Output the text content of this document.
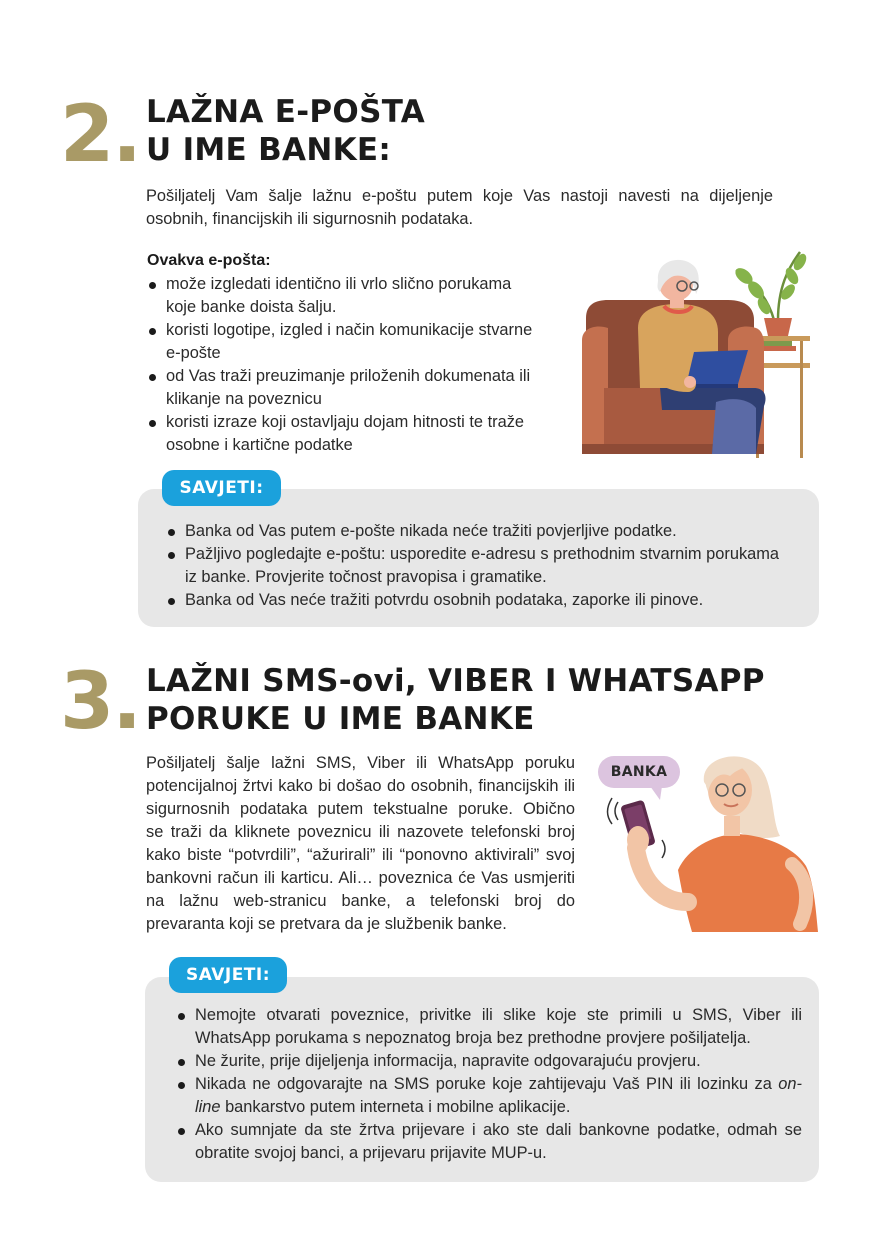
2. LAŽNA E-POŠTA
U IME BANKE:
Pošiljatelj Vam šalje lažnu e-poštu putem koje Vas nastoji navesti na dijeljenje
osobnih, financijskih ili sigurnosnih podataka.
Ovakva e-pošta:
može izgledati identično ili vrlo slično porukama
koje banke doista šalju.
koristi logotipe, izgled i način komunikacije stvarne
e-pošte
od Vas traži preuzimanje priloženih dokumenata ili
klikanje na poveznicu
koristi izraze koji ostavljaju dojam hitnosti te traže
osobne i kartične podatke
SAVJETI:
Banka od Vas putem e-pošte nikada neće tražiti povjerljive podatke.
Pažljivo pogledajte e-poštu: usporedite e-adresu s prethodnim stvarnim porukama
iz banke. Provjerite točnost pravopisa i gramatike.
Banka od Vas neće tražiti potvrdu osobnih podataka, zaporke ili pinove.
3. LAŽNI SMS-ovi, VIBER I WHATSAPP
PORUKE U IME BANKE
Pošiljatelj šalje lažni SMS, Viber ili WhatsApp poruku
potencijalnoj žrtvi kako bi došao do osobnih, financijskih ili
sigurnosnih podataka putem tekstualne poruke. Obično
se traži da kliknete poveznicu ili nazovete telefonski broj
kako biste “potvrdili”, “ažurirali” ili “ponovno aktivirali” svoj
bankovni račun ili karticu. Ali… poveznica će Vas usmjeriti
na lažnu web-stranicu banke, a telefonski broj do
prevaranta koji se pretvara da je službenik banke.
BANKA
SAVJETI:
Nemojte otvarati poveznice, privitke ili slike koje ste primili u SMS, Viber ili
WhatsApp porukama s nepoznatog broja bez prethodne provjere pošiljatelja.
Ne žurite, prije dijeljenja informacija, napravite odgovarajuću provjeru.
Nikada ne odgovarajte na SMS poruke koje zahtijevaju Vaš PIN ili lozinku za on-
line bankarstvo putem interneta i mobilne aplikacije.
Ako sumnjate da ste žrtva prijevare i ako ste dali bankovne podatke, odmah se
obratite svojoj banci, a prijevaru prijavite MUP-u.
